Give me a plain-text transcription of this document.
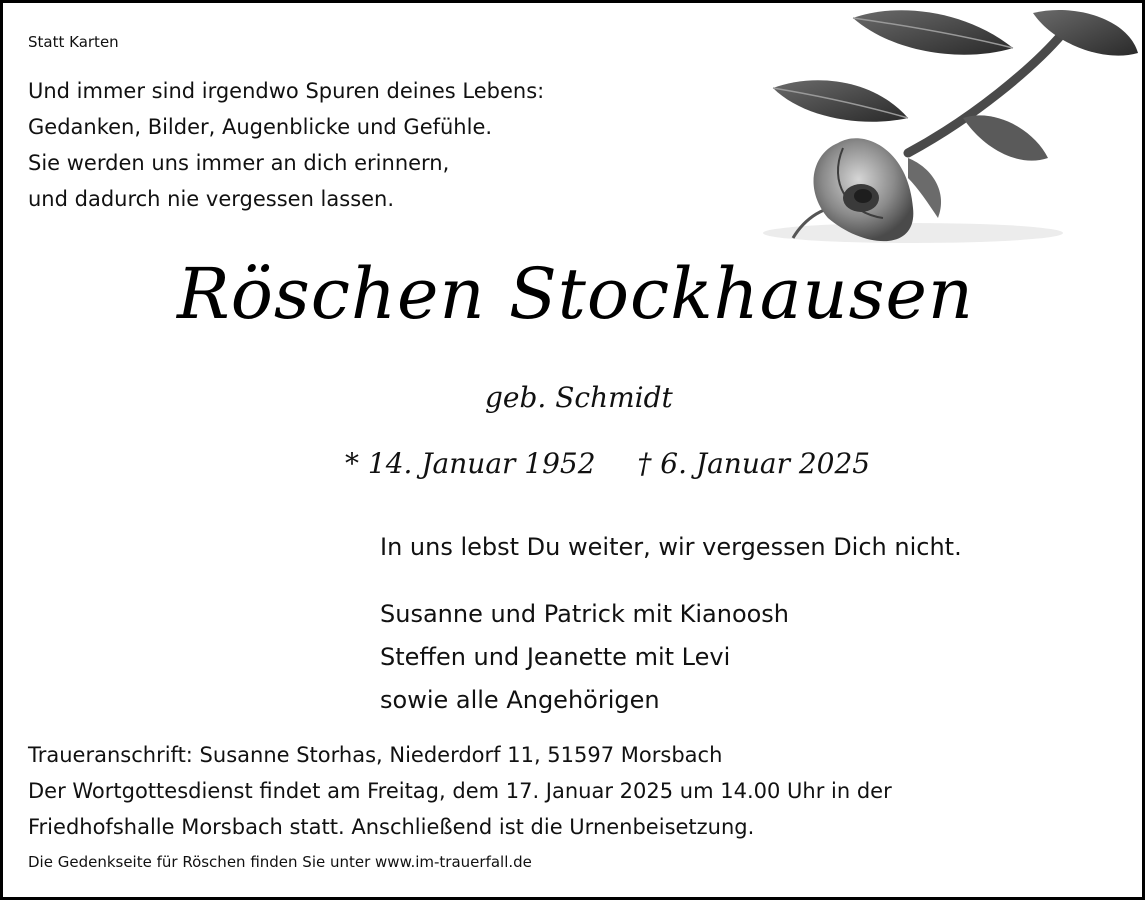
Statt Karten
Und immer sind irgendwo Spuren deines Lebens:
Gedanken, Bilder, Augenblicke und Gefühle.
Sie werden uns immer an dich erinnern,
und dadurch nie vergessen lassen.
Röschen Stockhausen
geb. Schmidt
* 14. Januar 1952 † 6. Januar 2025
In uns lebst Du weiter, wir vergessen Dich nicht.
Susanne und Patrick mit Kianoosh
Steffen und Jeanette mit Levi
sowie alle Angehörigen
Traueranschrift: Susanne Storhas, Niederdorf 11, 51597 Morsbach
Der Wortgottesdienst findet am Freitag, dem 17. Januar 2025 um 14.00 Uhr in der
Friedhofshalle Morsbach statt. Anschließend ist die Urnenbeisetzung.
Die Gedenkseite für Röschen finden Sie unter www.im-trauerfall.de
